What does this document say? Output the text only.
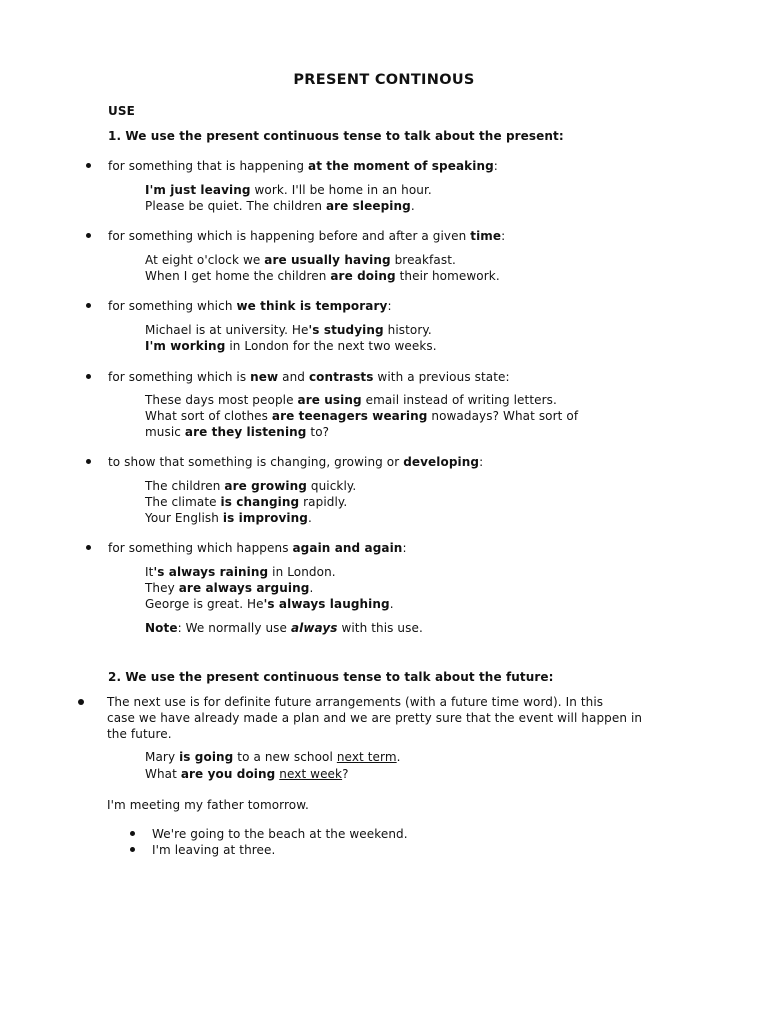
PRESENT CONTINOUS
USE
1. We use the present continuous tense to talk about the present:
for something that is happening at the moment of speaking:
I'm just leaving work. I'll be home in an hour.
Please be quiet. The children are sleeping.
for something which is happening before and after a given time:
At eight o'clock we are usually having breakfast.
When I get home the children are doing their homework.
for something which we think is temporary:
Michael is at university. He's studying history.
I'm working in London for the next two weeks.
for something which is new and contrasts with a previous state:
These days most people are using email instead of writing letters.
What sort of clothes are teenagers wearing nowadays? What sort of
music are they listening to?
to show that something is changing, growing or developing:
The children are growing quickly.
The climate is changing rapidly.
Your English is improving.
for something which happens again and again:
It's always raining in London.
They are always arguing.
George is great. He's always laughing.
Note: We normally use always with this use.
2. We use the present continuous tense to talk about the future:
The next use is for definite future arrangements (with a future time word). In this
case we have already made a plan and we are pretty sure that the event will happen in
the future.
Mary is going to a new school next term.
What are you doing next week?
I'm meeting my father tomorrow.
We're going to the beach at the weekend.
I'm leaving at three.
